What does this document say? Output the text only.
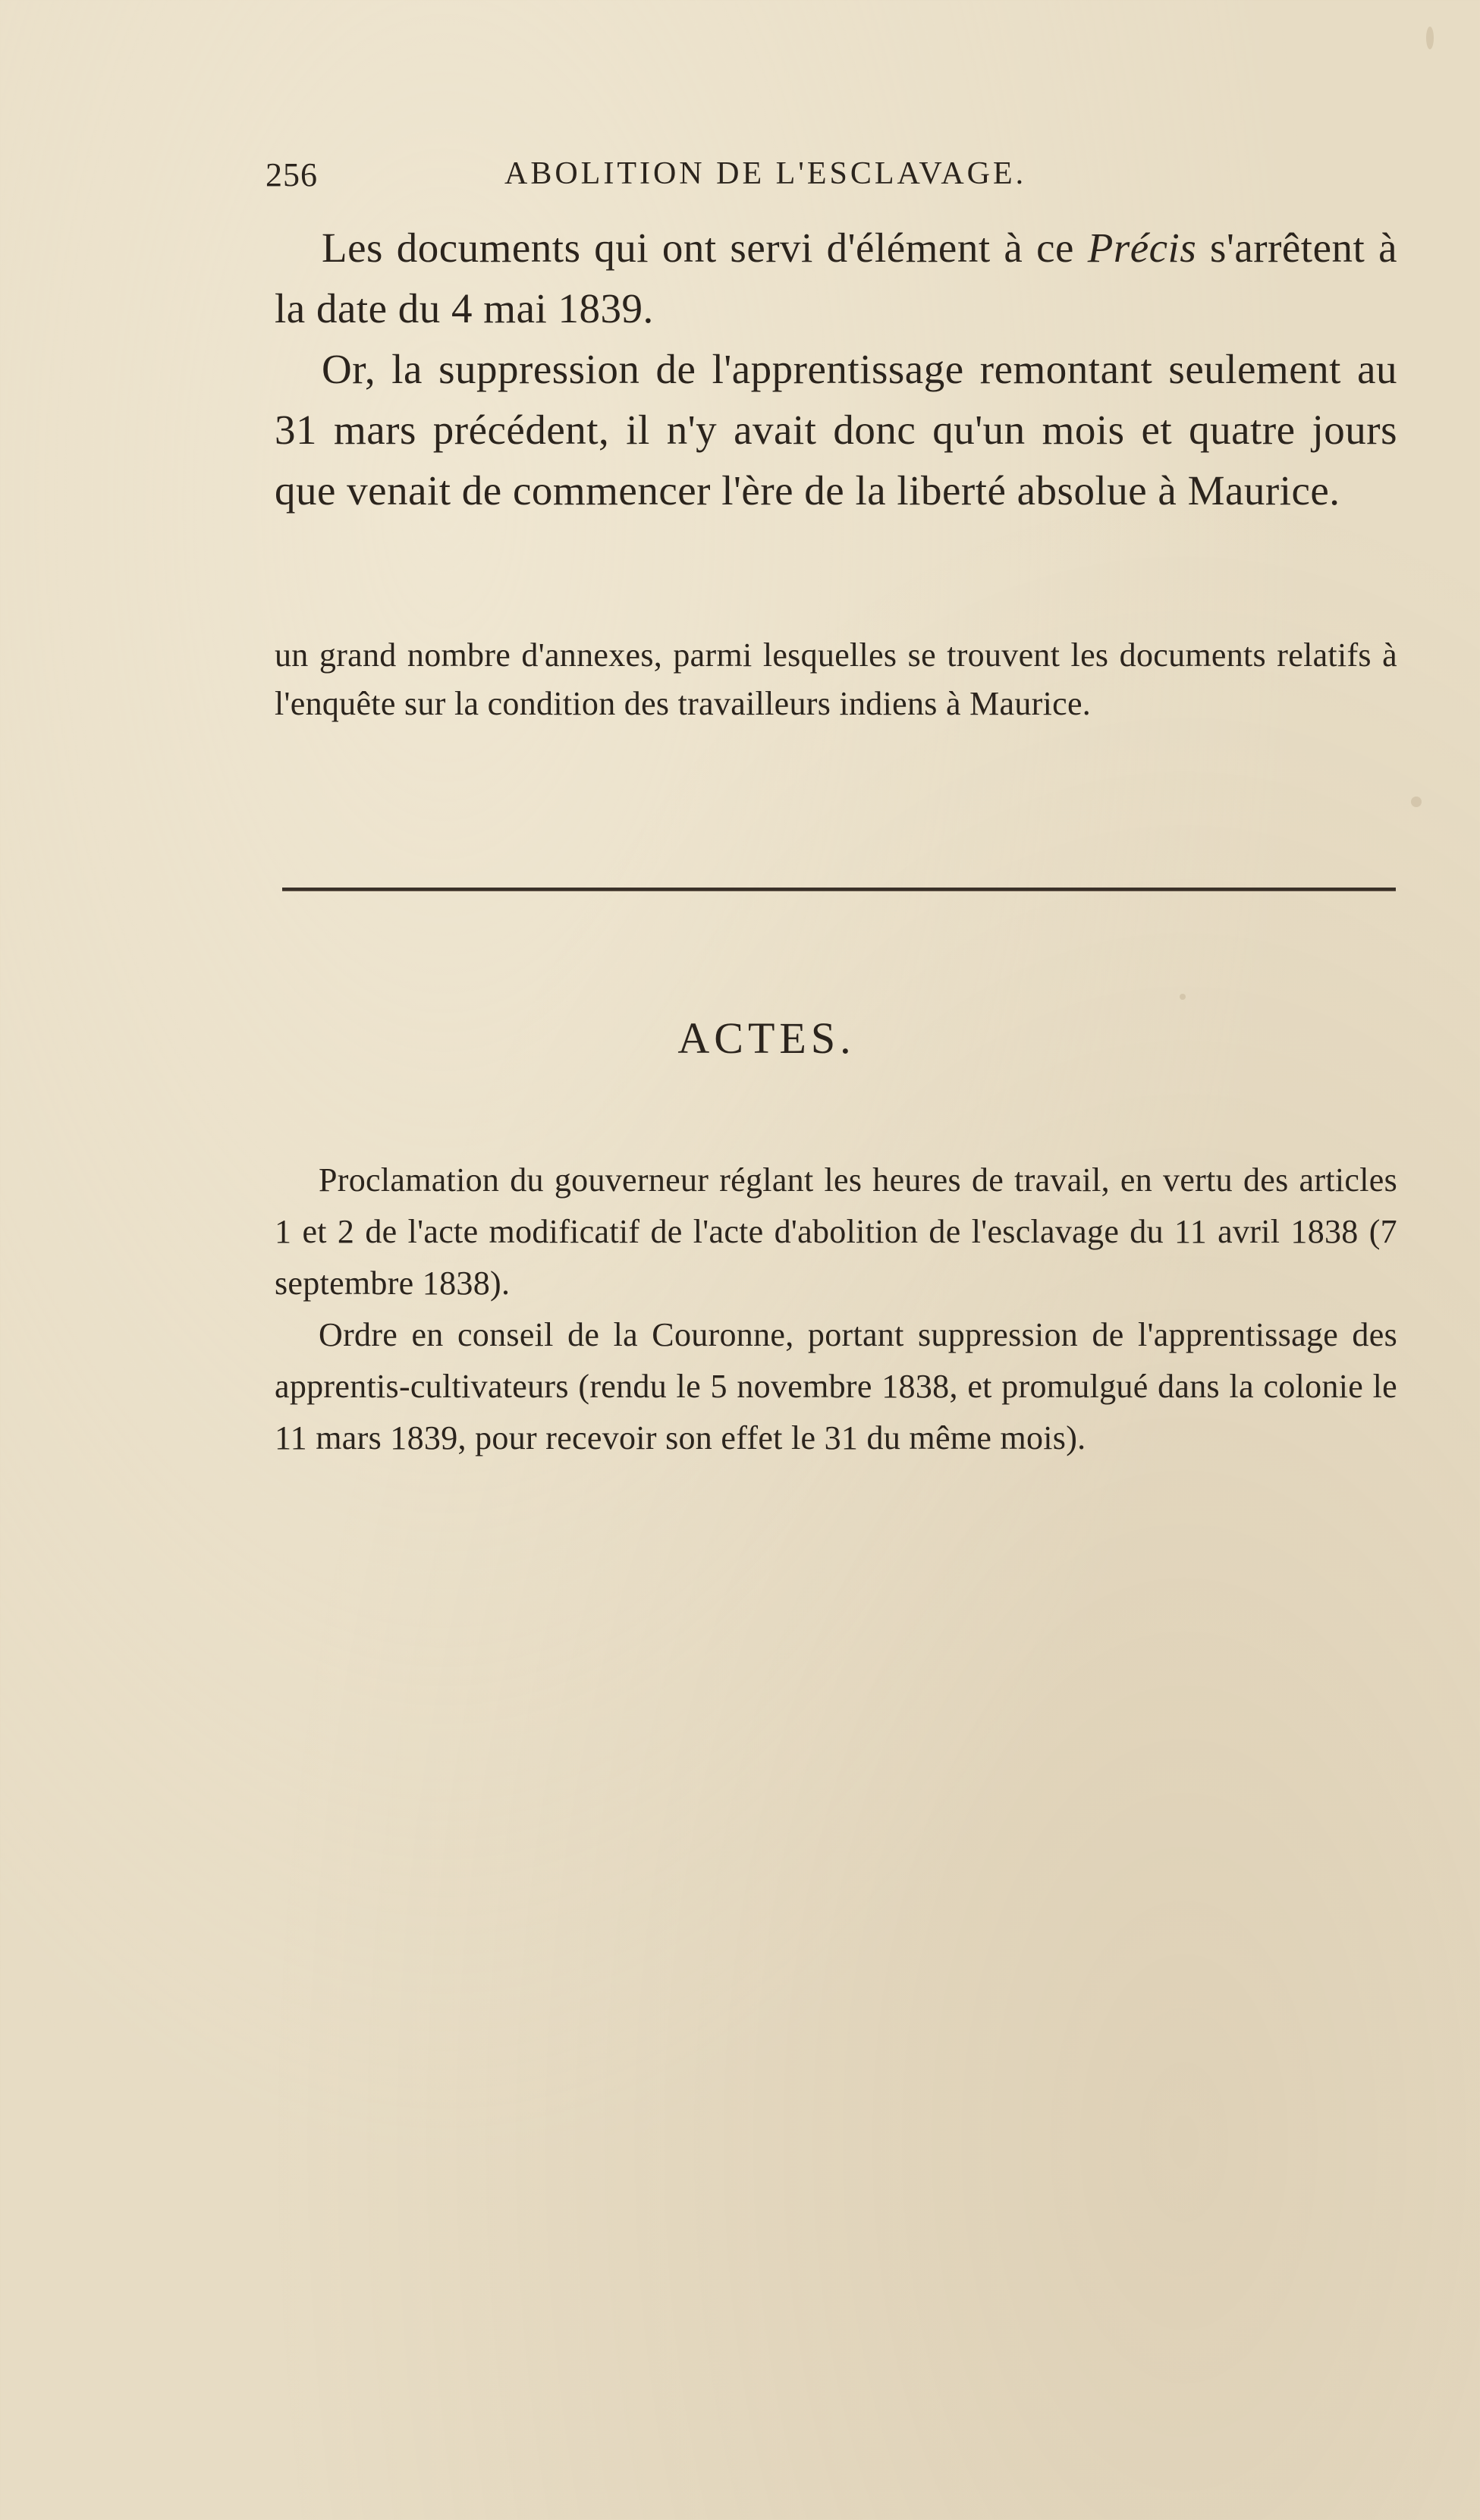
256	ABOLITION DE L'ESCLAVAGE.

Les documents qui ont servi d'élément à ce Précis s'arrêtent à la date du 4 mai 1839.

Or, la suppression de l'apprentissage remontant seulement au 31 mars précédent, il n'y avait donc qu'un mois et quatre jours que venait de commencer l'ère de la liberté absolue à Maurice.

un grand nombre d'annexes, parmi lesquelles se trouvent les documents relatifs à l'enquête sur la condition des travailleurs indiens à Maurice.

ACTES.

Proclamation du gouverneur réglant les heures de travail, en vertu des articles 1 et 2 de l'acte modificatif de l'acte d'abolition de l'esclavage du 11 avril 1838 (7 septembre 1838).

Ordre en conseil de la Couronne, portant suppression de l'apprentissage des apprentis-cultivateurs (rendu le 5 novembre 1838, et promulgué dans la colonie le 11 mars 1839, pour recevoir son effet le 31 du même mois).
